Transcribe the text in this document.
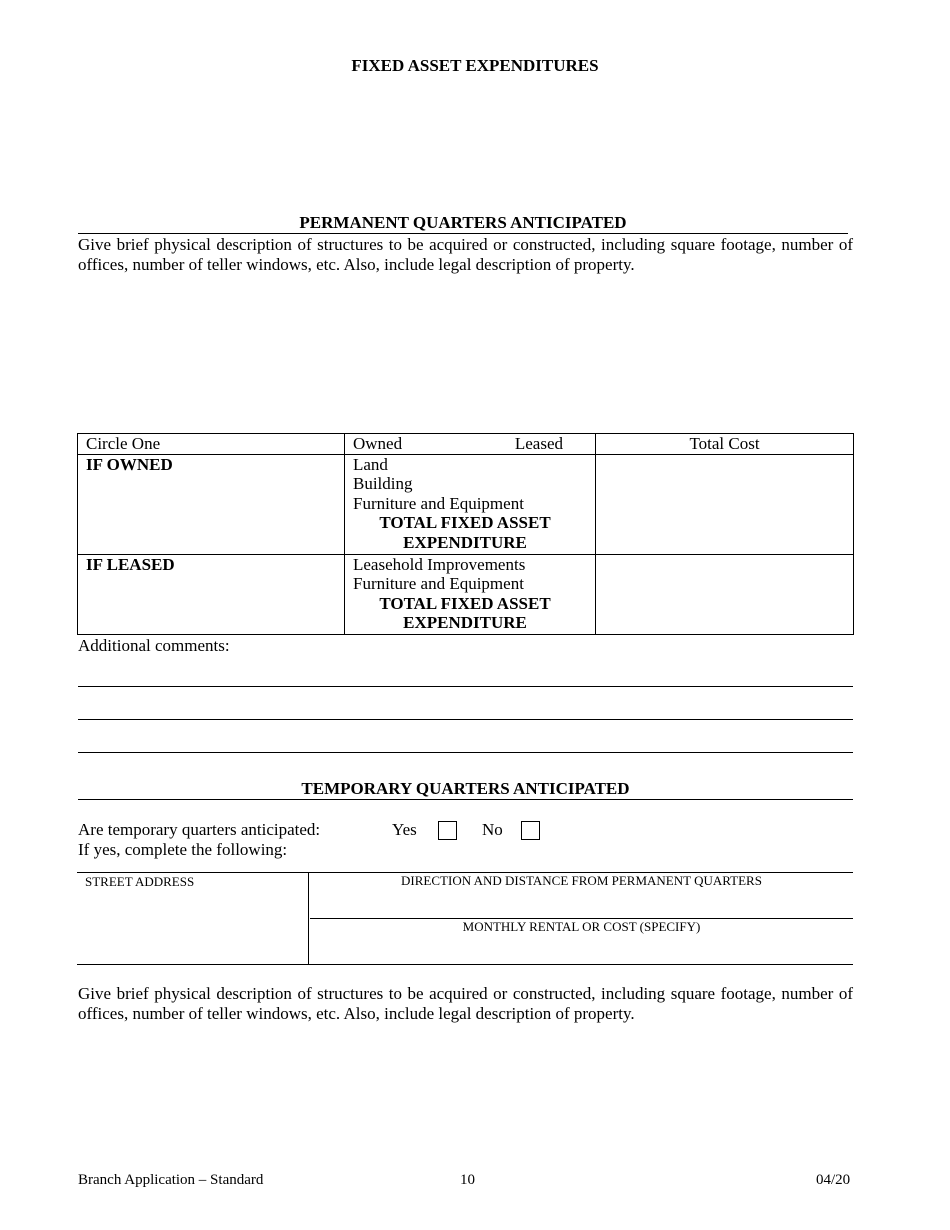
FIXED ASSET EXPENDITURES
PERMANENT QUARTERS ANTICIPATED
Give brief physical description of structures to be acquired or constructed, including square footage, number of offices, number of teller windows, etc. Also, include legal description of property.
Circle One	Owned Leased	Total Cost
IF OWNED	Land
Building
Furniture and Equipment
TOTAL FIXED ASSET
EXPENDITURE	

IF LEASED	Leasehold Improvements
Furniture and Equipment
TOTAL FIXED ASSET
EXPENDITURE	

Additional comments:
TEMPORARY QUARTERS ANTICIPATED
Are temporary quarters anticipated:
If yes, complete the following:
Yes	No
STREET ADDRESS	DIRECTION AND DISTANCE FROM PERMANENT QUARTERS
MONTHLY RENTAL OR COST (SPECIFY)
Give brief physical description of structures to be acquired or constructed, including square footage, number of offices, number of teller windows, etc. Also, include legal description of property.
Branch Application – Standard	10	04/20
